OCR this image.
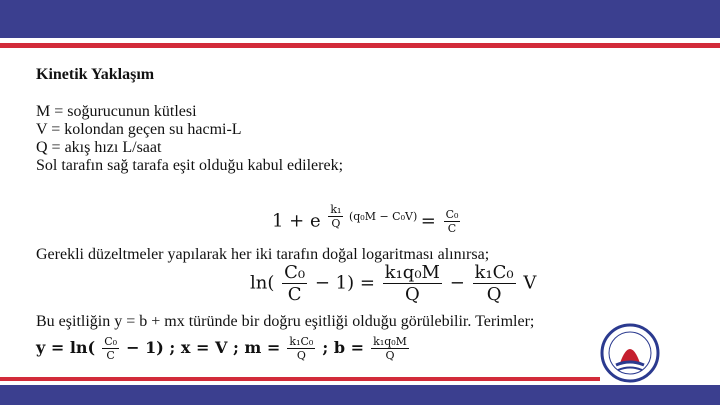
Kinetik Yaklaşım
M = soğurucunun kütlesi
V = kolondan geçen su hacmi-L
Q = akış hızı L/saat
Sol tarafın sağ tarafa eşit olduğu kabul edilerek;
1 + e $^{\frac{\text{k₁}}{Q} (q_0M - C_0V)} = \frac{\text{C₀}}{C}$
Gerekli düzeltmeler yapılarak her iki tarafın doğal logaritması alınırsa;
$\ln( \frac{\text{C₀}}{C} - 1) = \frac{\text{k₁q₀M}}{Q} - \frac{\text{k₁C₀}}{Q}$ V
Bu eşitliğin y = b + mx türünde bir doğru eşitliği olduğu görülebilir. Terimler;
$y = \ln( \frac{\text{C₀}}{C} - 1)$ ; x = V ; $m = \frac{\text{k₁C₀}}{Q}$ ; $b = \frac{\text{k₁q₀M}}{Q}$
